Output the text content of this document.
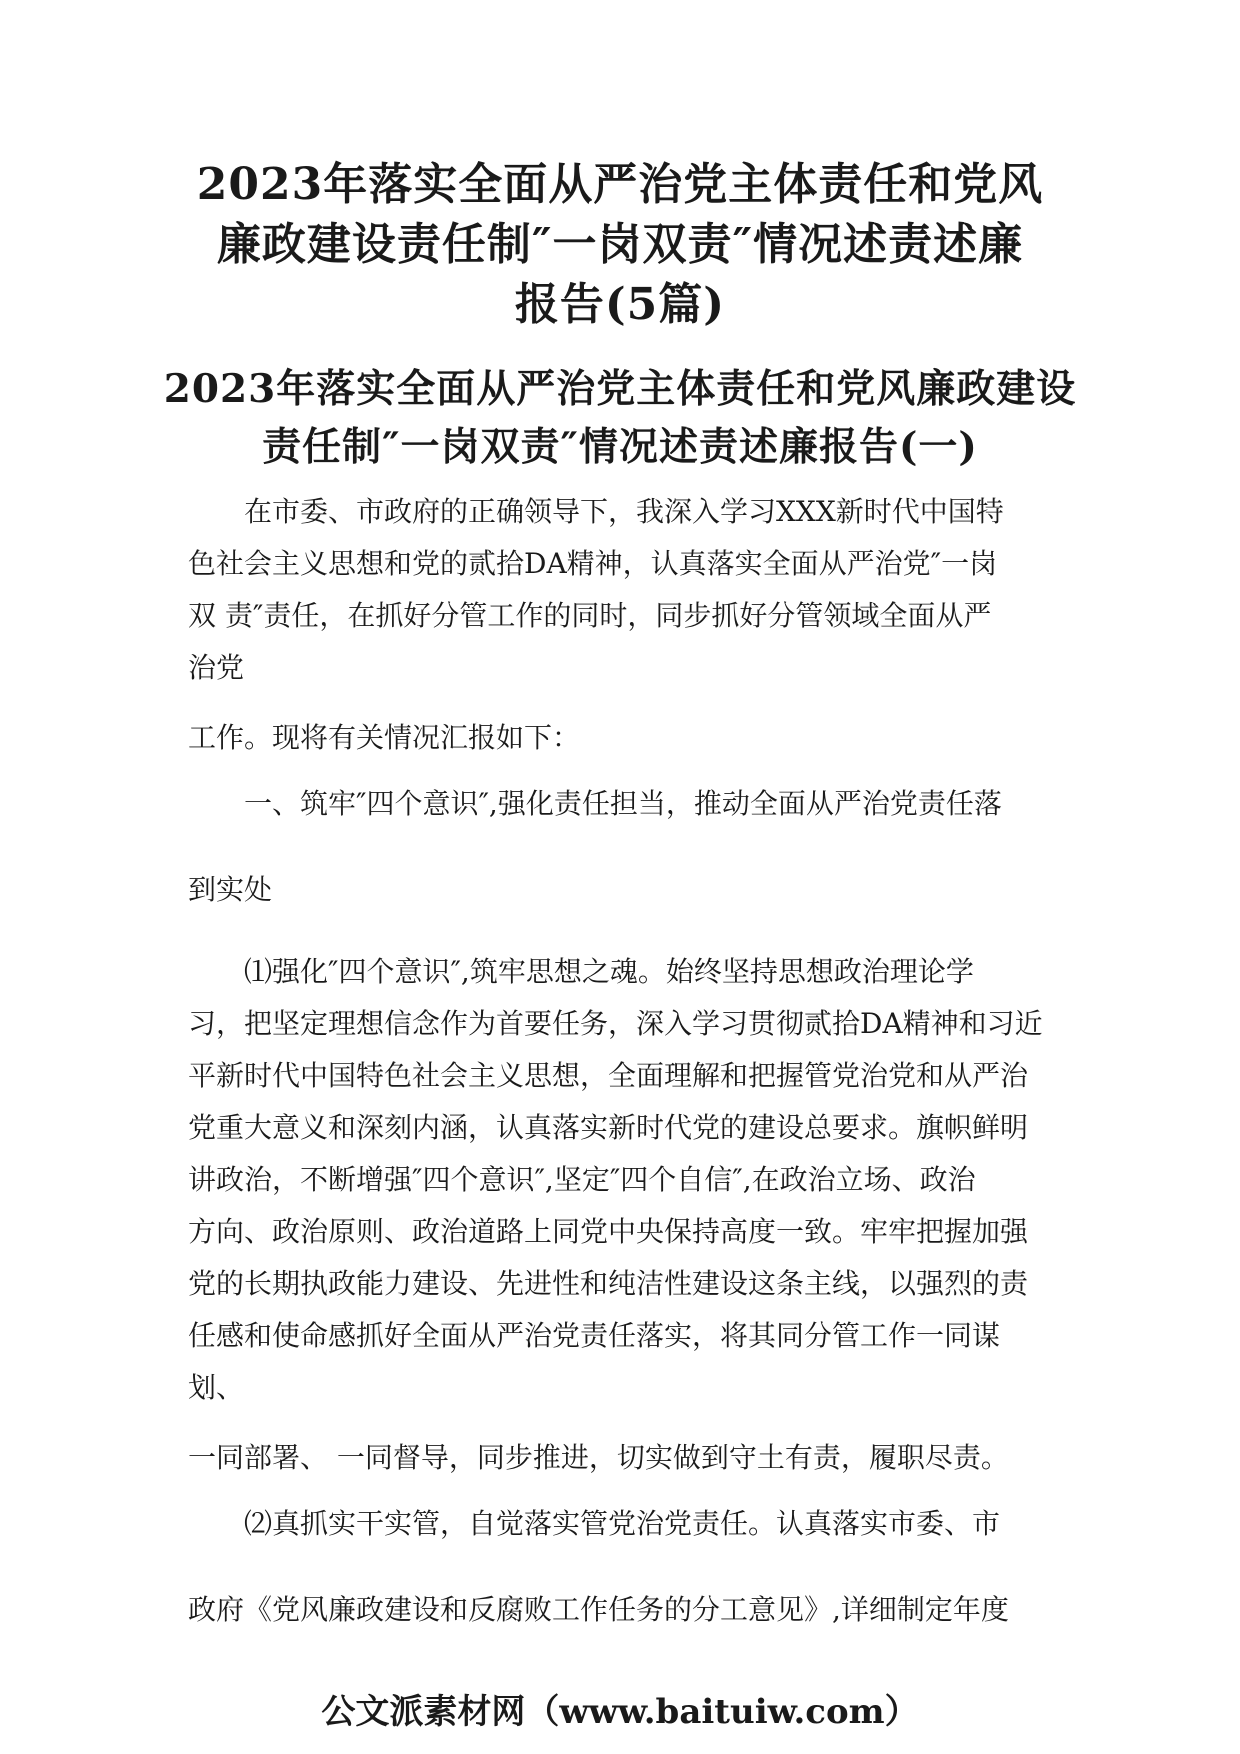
2023年落实全面从严治党主体责任和党风
廉政建设责任制″一岗双责″情况述责述廉
报告(5篇)
2023年落实全面从严治党主体责任和党风廉政建设
责任制″一岗双责″情况述责述廉报告(一)

在市委、市政府的正确领导下，我深入学习XXX新时代中国特

色社会主义思想和党的贰拾DA精神，认真落实全面从严治党″一岗

双 责″责任，在抓好分管工作的同时，同步抓好分管领域全面从严

治党

工作。现将有关情况汇报如下：

一、筑牢″四个意识″,强化责任担当，推动全面从严治党责任落

到实处

⑴强化″四个意识″,筑牢思想之魂。始终坚持思想政治理论学

习，把坚定理想信念作为首要任务，深入学习贯彻贰拾DA精神和习近

平新时代中国特色社会主义思想，全面理解和把握管党治党和从严治

党重大意义和深刻内涵，认真落实新时代党的建设总要求。旗帜鲜明

讲政治，不断增强″四个意识″,坚定″四个自信″,在政治立场、政治

方向、政治原则、政治道路上同党中央保持高度一致。牢牢把握加强

党的长期执政能力建设、先进性和纯洁性建设这条主线，以强烈的责

任感和使命感抓好全面从严治党责任落实，将其同分管工作一同谋

划、

一同部署、 一同督导，同步推进，切实做到守土有责，履职尽责。

⑵真抓实干实管，自觉落实管党治党责任。认真落实市委、市

政府《党风廉政建设和反腐败工作任务的分工意见》,详细制定年度

公文派素材网（www.baituiw.com）
